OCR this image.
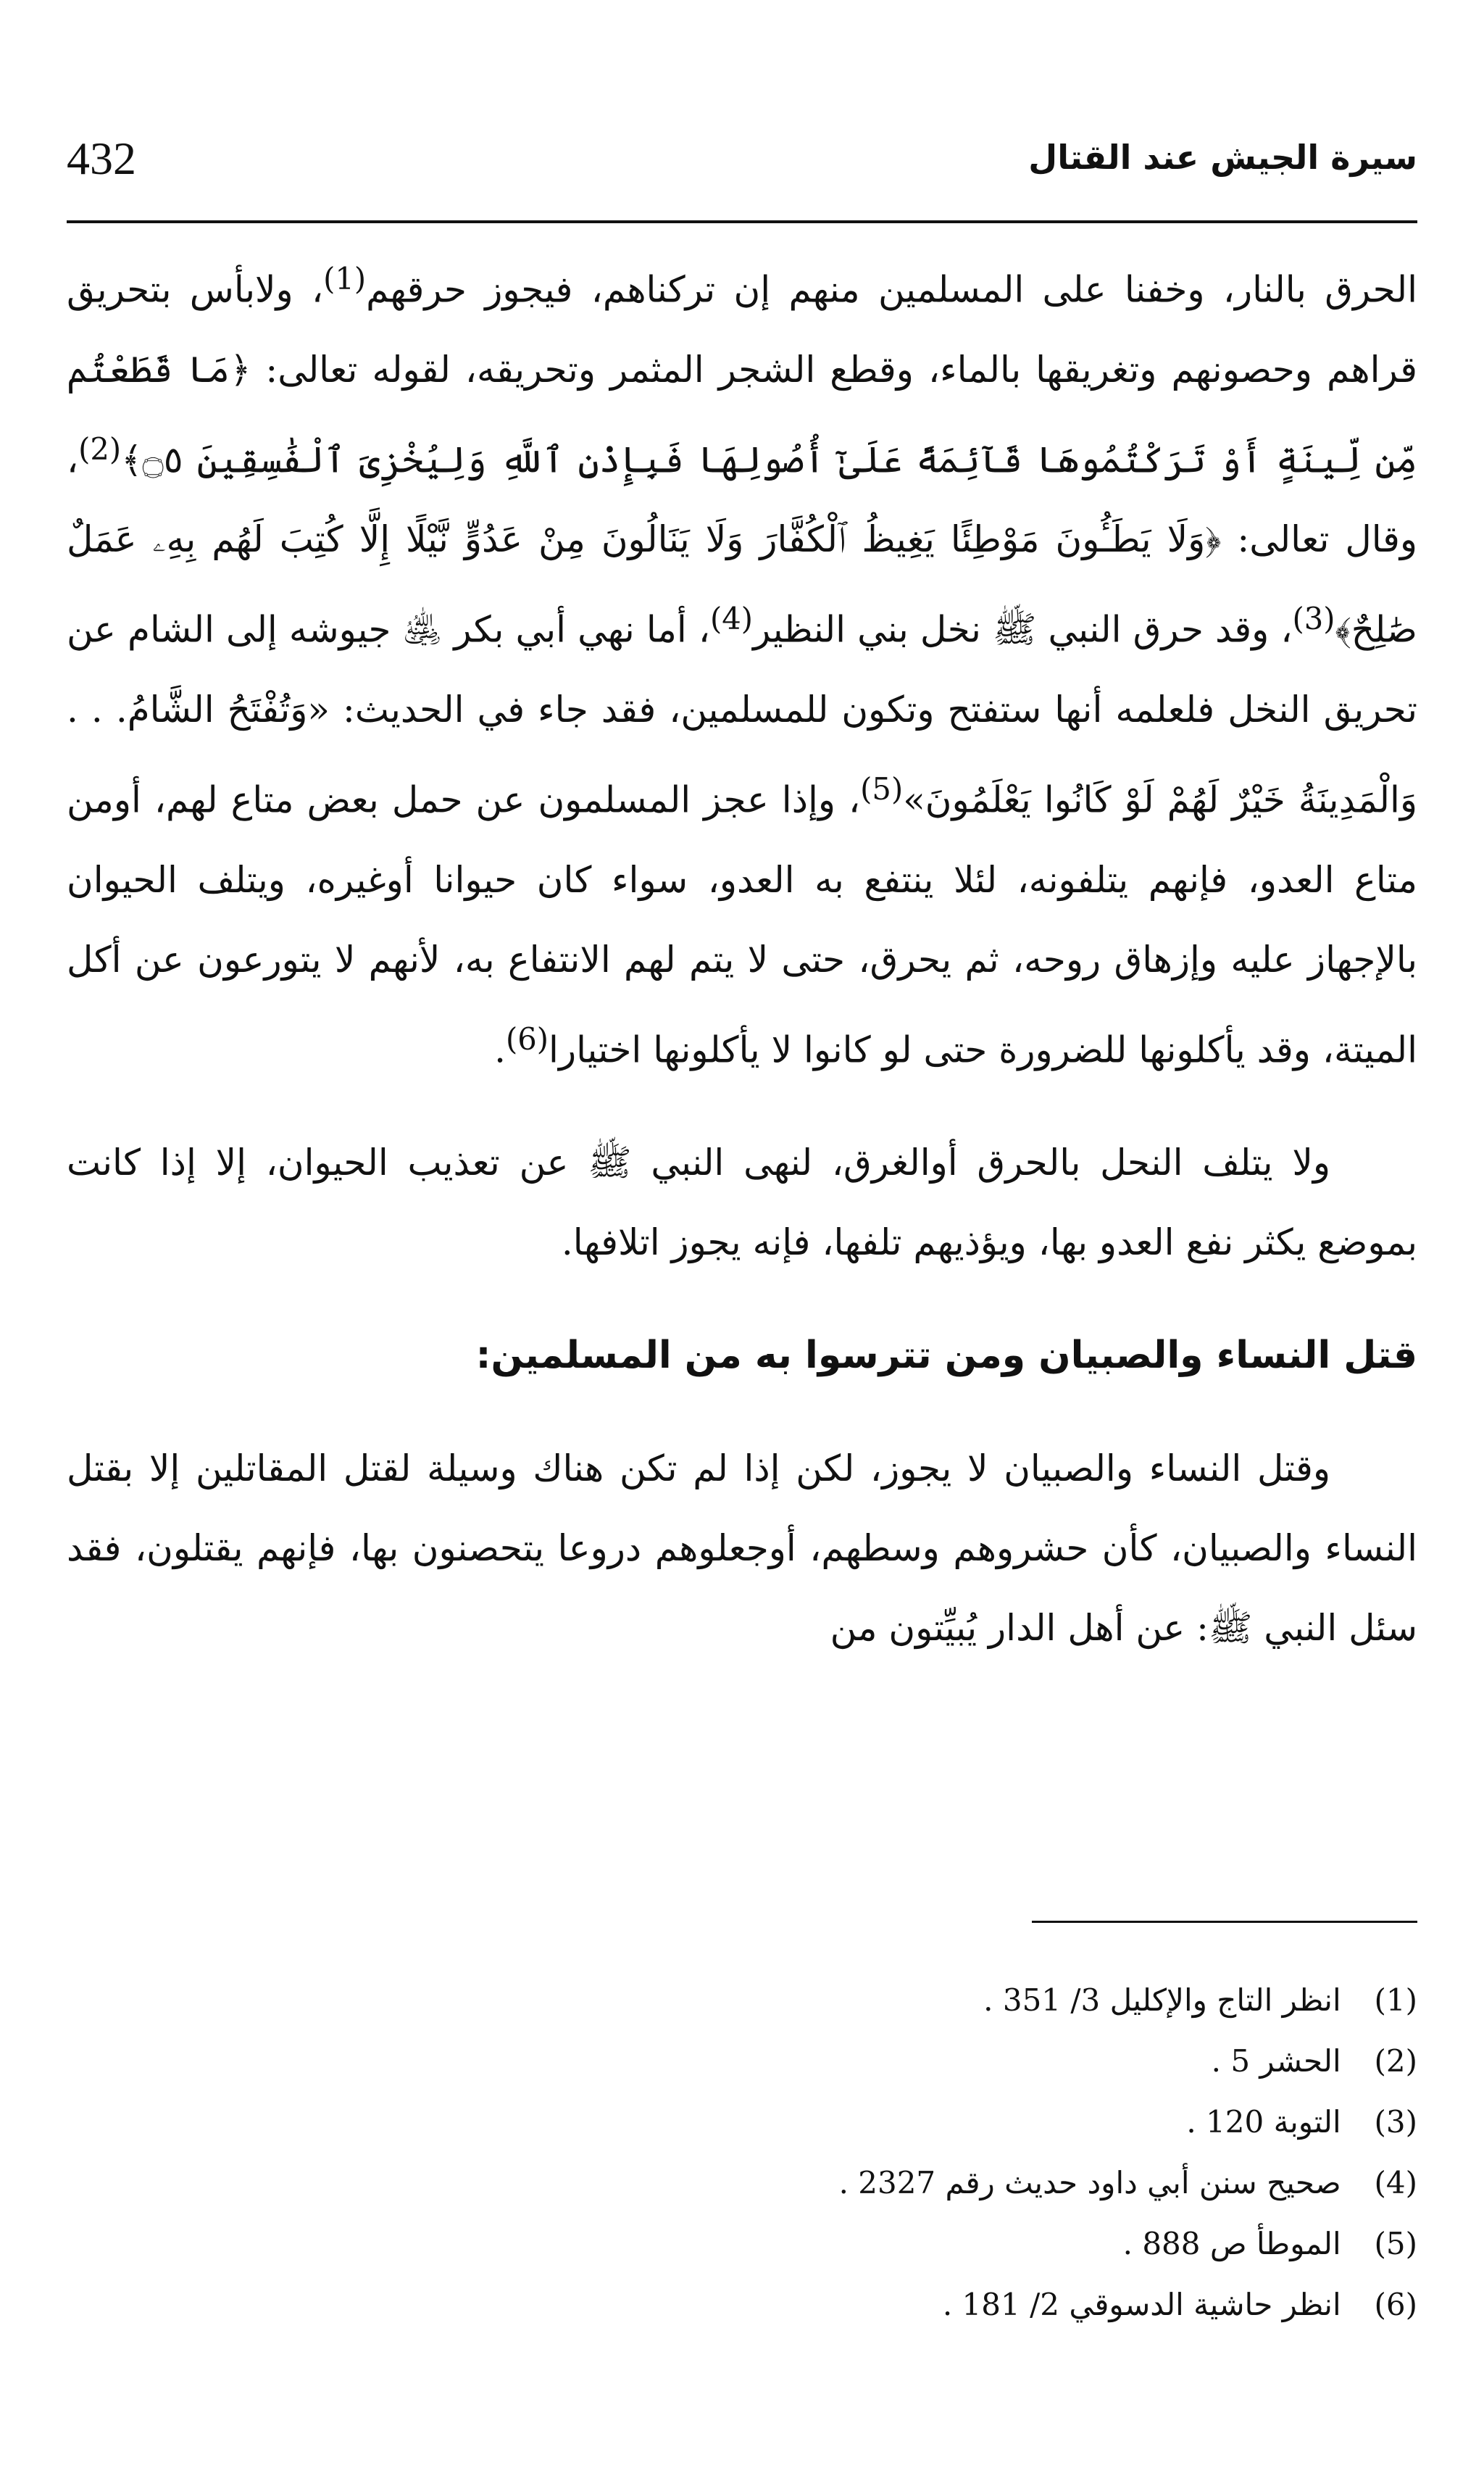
432	سيرة الجيش عند القتال

الحرق بالنار، وخفنا على المسلمين منهم إن تركناهم، فيجوز حرقهم$^{(1)}$، ولابأس بتحريق قراهم وحصونهم وتغريقها بالماء، وقطع الشجر المثمر وتحريقه، لقوله تعالى: ﴿مَا قَطَعْتُم مِّن لِّينَةٍ أَوْ تَرَكْتُمُوهَا قَآئِمَةً عَلَىٰٓ أُصُولِهَا فَبِإِذْنِ ٱللَّهِ وَلِيُخْزِىَ ٱلْفَٰسِقِينَ ۝٥﴾$^{(2)}$، وقال تعالى: ﴿وَلَا يَطَـُٔونَ مَوْطِئًا يَغِيظُ ٱلْكُفَّارَ وَلَا يَنَالُونَ مِنْ عَدُوٍّ نَّيْلًا إِلَّا كُتِبَ لَهُم بِهِۦ عَمَلٌ صَٰلِحٌ﴾$^{(3)}$، وقد حرق النبي ﷺ نخل بني النظير$^{(4)}$، أما نهي أبي بكر ﵁ جيوشه إلى الشام عن تحريق النخل فلعلمه أنها ستفتح وتكون للمسلمين، فقد جاء في الحديث: «وَتُفْتَحُ الشَّامُ. . . وَالْمَدِينَةُ خَيْرٌ لَهُمْ لَوْ كَانُوا يَعْلَمُونَ»$^{(5)}$، وإذا عجز المسلمون عن حمل بعض متاع لهم، أومن متاع العدو، فإنهم يتلفونه، لئلا ينتفع به العدو، سواء كان حيوانا أوغيره، ويتلف الحيوان بالإجهاز عليه وإزهاق روحه، ثم يحرق، حتى لا يتم لهم الانتفاع به، لأنهم لا يتورعون عن أكل الميتة، وقد يأكلونها للضرورة حتى لو كانوا لا يأكلونها اختيارا$^{(6)}$.

ولا يتلف النحل بالحرق أوالغرق، لنهى النبي ﷺ عن تعذيب الحيوان، إلا إذا كانت بموضع يكثر نفع العدو بها، ويؤذيهم تلفها، فإنه يجوز اتلافها.

قتل النساء والصبيان ومن تترسوا به من المسلمين:

وقتل النساء والصبيان لا يجوز، لكن إذا لم تكن هناك وسيلة لقتل المقاتلين إلا بقتل النساء والصبيان، كأن حشروهم وسطهم، أوجعلوهم دروعا يتحصنون بها، فإنهم يقتلون، فقد سئل النبي ﷺ: عن أهل الدار يُبيِّتون من

(1) انظر التاج والإكليل 3/ 351 .
(2) الحشر 5 .
(3) التوبة 120 .
(4) صحيح سنن أبي داود حديث رقم 2327 .
(5) الموطأ ص 888 .
(6) انظر حاشية الدسوقي 2/ 181 .
